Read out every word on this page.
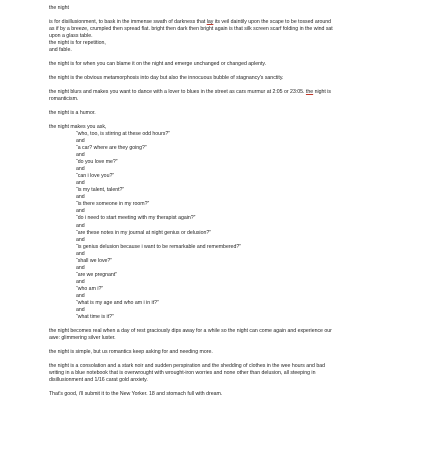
the night
is for disillusionment, to bask in the immense swath of darkness that lay its veil daintily upon the scape to be tossed around
as if by a breeze, crumpled then spread flat. bright then dark then bright again is that silk screen scarf folding in the wind sat
upon a glass table.
the night is for repetition,
and fable.
the night is for when you can blame it on the night and emerge unchanged or changed aplenty.
the night is the obvious metamorphosis into day but also the innocuous bubble of stagnancy's sanctity.
the night blurs and makes you want to dance with a lover to blues in the street as cars murmur at 2:05 or 23:05. the night is
romanticism.
the night is a humor.
the night makes you ask,
“who, too, is stirring at these odd hours?”
and
“a car? where are they going?”
and
“do you love me?”
and
“can i love you?”
and
“is my talent, talent?”
and
“is there someone in my room?”
and
“do i need to start meeting with my therapist again?”
and
“are these notes in my journal at night genius or delusion?”
and
“is genius delusion because i want to be remarkable and remembered?”
and
“shall we love?”
and
“are we pregnant”
and
“who am i?”
and
“what is my age and who am i in it?”
and
“what time is it?”
the night becomes real when a day of rest graciously dips away for a while so the night can come again and experience our
awe: glimmering silver luster.
the night is simple, but us romantics keep asking for and needing more.
the night is a consolation and a stark noir and sudden perspiration and the shedding of clothes in the wee hours and bad
writing in a blue notebook that is overwrought with wrought-iron worries and none other than delusion, all steeping in
disillusionment and 1/16 carat gold anxiety.
That's good, i'll submit it to the New Yorker. 18 and stomach full with dream.
